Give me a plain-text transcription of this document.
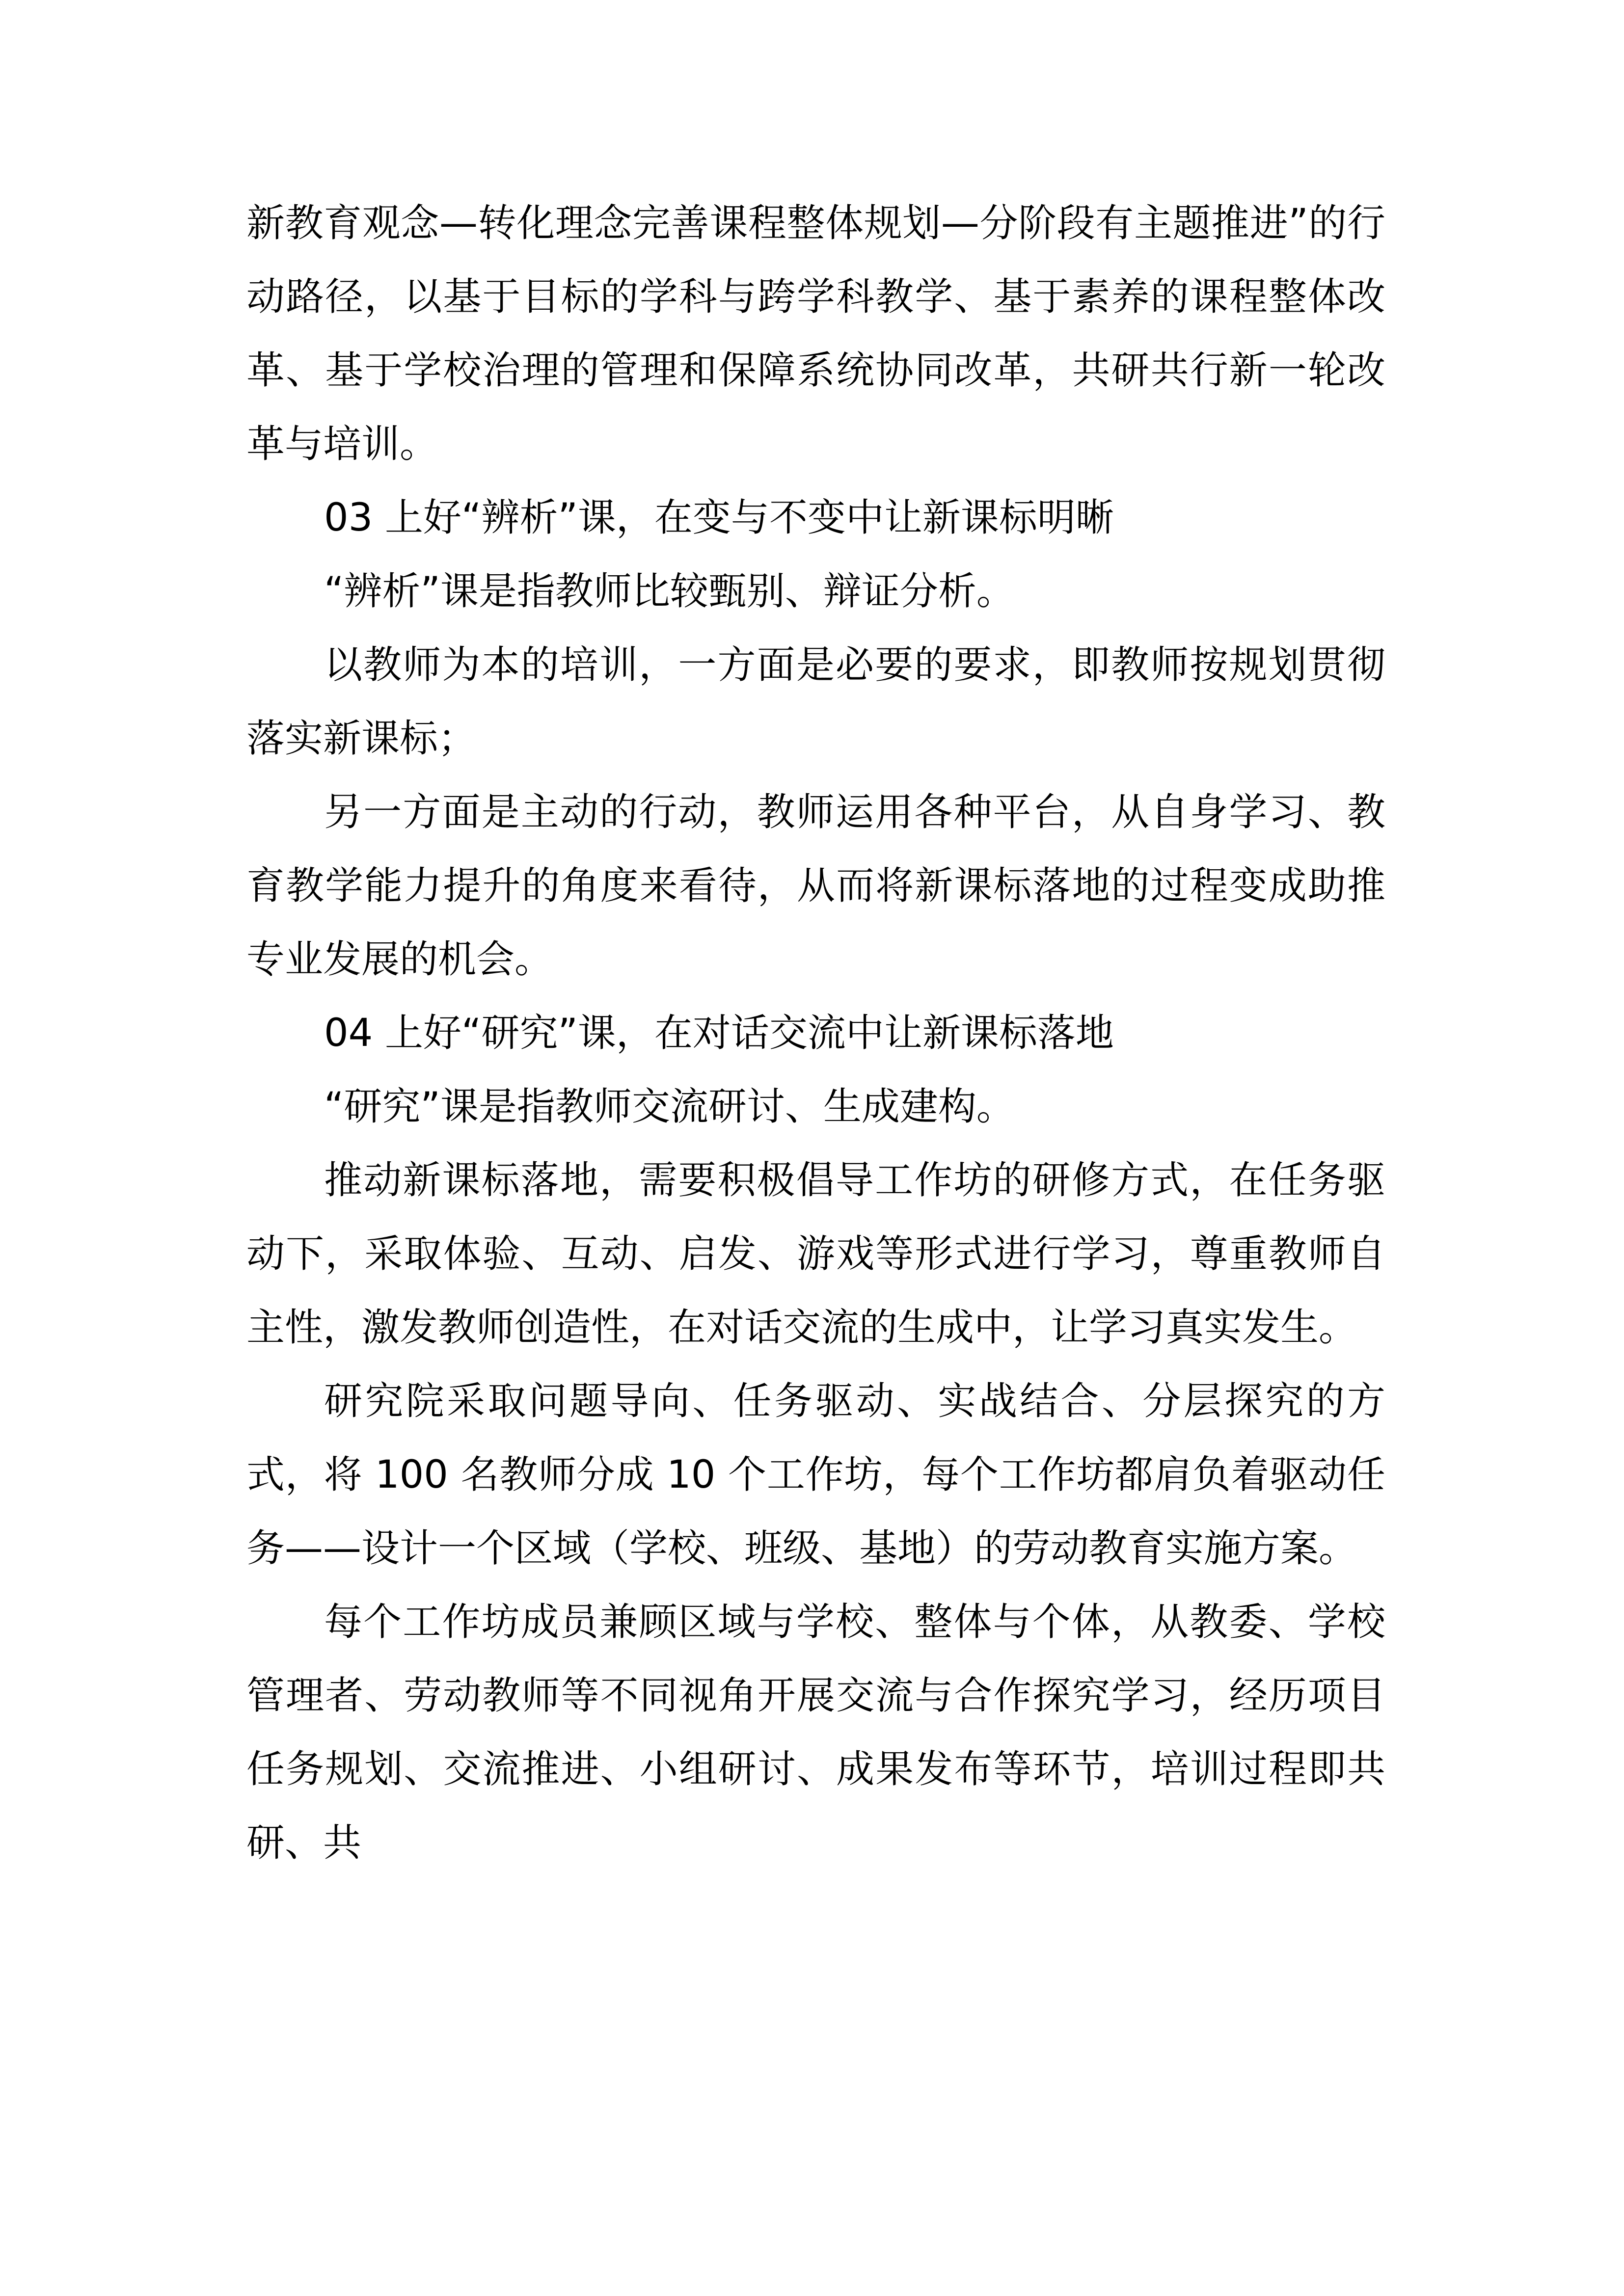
新教育观念—转化理念完善课程整体规划—分阶段有主题推进”的行动路径，以基于目标的学科与跨学科教学、基于素养的课程整体改革、基于学校治理的管理和保障系统协同改革，共研共行新一轮改革与培训。

03 上好“辨析”课，在变与不变中让新课标明晰

“辨析”课是指教师比较甄别、辩证分析。

以教师为本的培训，一方面是必要的要求，即教师按规划贯彻落实新课标；

另一方面是主动的行动，教师运用各种平台，从自身学习、教育教学能力提升的角度来看待，从而将新课标落地的过程变成助推专业发展的机会。

04 上好“研究”课，在对话交流中让新课标落地

“研究”课是指教师交流研讨、生成建构。

推动新课标落地，需要积极倡导工作坊的研修方式，在任务驱动下，采取体验、互动、启发、游戏等形式进行学习，尊重教师自主性，激发教师创造性，在对话交流的生成中，让学习真实发生。

研究院采取问题导向、任务驱动、实战结合、分层探究的方式，将 100 名教师分成 10 个工作坊，每个工作坊都肩负着驱动任务——设计一个区域（学校、班级、基地）的劳动教育实施方案。

每个工作坊成员兼顾区域与学校、整体与个体，从教委、学校管理者、劳动教师等不同视角开展交流与合作探究学习，经历项目任务规划、交流推进、小组研讨、成果发布等环节，培训过程即共研、共
